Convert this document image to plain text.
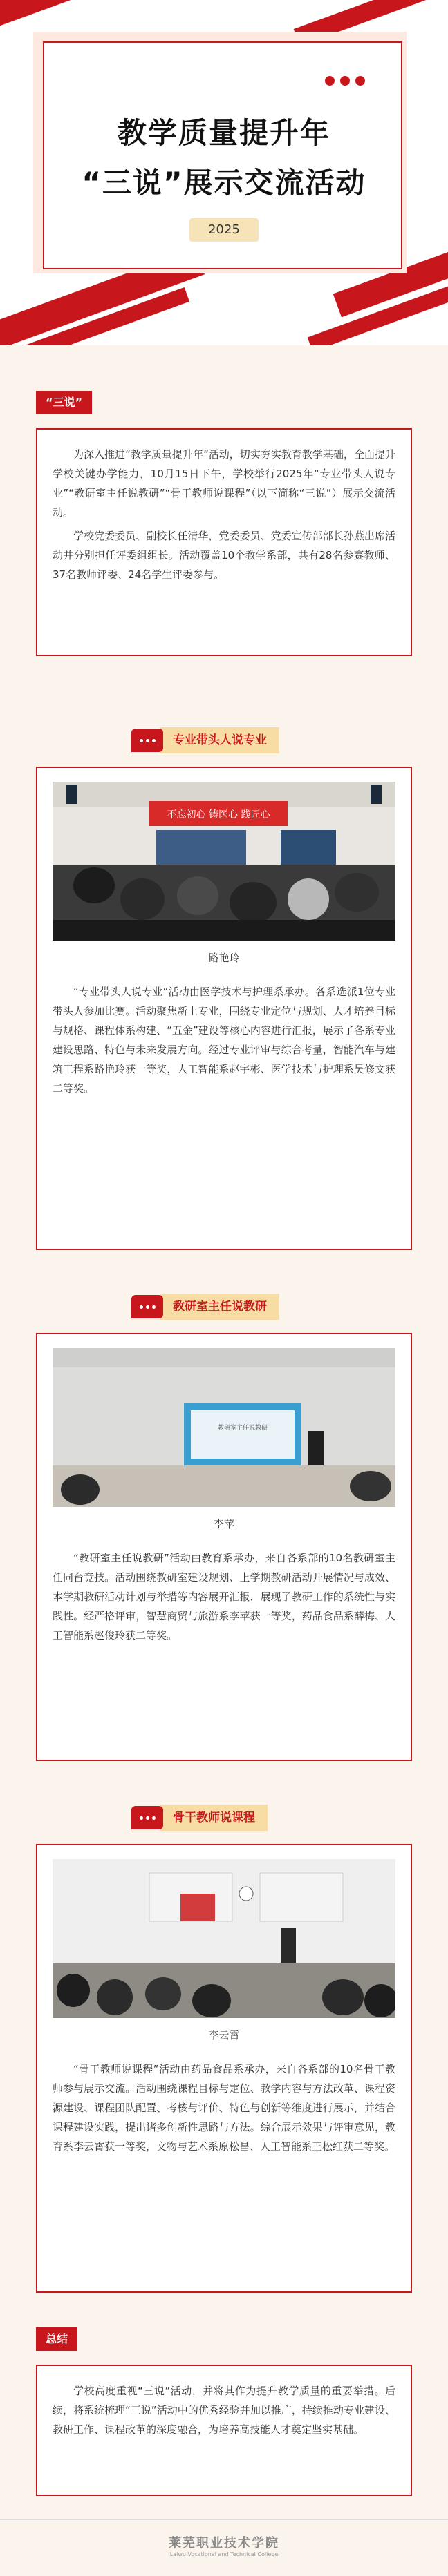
教学质量提升年
“三说”展示交流活动
2025
“三说”

为深入推进“教学质量提升年”活动，切实夯实教育教学基础，全面提升学校关键办学能力，10月15日下午，学校举行2025年“专业带头人说专业”“教研室主任说教研”“骨干教师说课程”（以下简称“三说”）展示交流活动。

学校党委委员、副校长任清华，党委委员、党委宣传部部长孙燕出席活动并分别担任评委组组长。活动覆盖10个教学系部，共有28名参赛教师、37名教师评委、24名学生评委参与。

专业带头人说专业
不忘初心 铸医心 践匠心
路艳玲

“专业带头人说专业”活动由医学技术与护理系承办。各系选派1位专业带头人参加比赛。活动聚焦新上专业，围绕专业定位与规划、人才培养目标与规格、课程体系构建、“五金”建设等核心内容进行汇报，展示了各系专业建设思路、特色与未来发展方向。经过专业评审与综合考量，智能汽车与建筑工程系路艳玲获一等奖，人工智能系赵宇彬、医学技术与护理系吴修文获二等奖。

教研室主任说教研
教研室主任说教研
李苹

“教研室主任说教研”活动由教育系承办，来自各系部的10名教研室主任同台竞技。活动围绕教研室建设规划、上学期教研活动开展情况与成效、本学期教研活动计划与举措等内容展开汇报，展现了教研工作的系统性与实践性。经严格评审，智慧商贸与旅游系李苹获一等奖，药品食品系薛梅、人工智能系赵俊玲获二等奖。

骨干教师说课程
李云霄

“骨干教师说课程”活动由药品食品系承办，来自各系部的10名骨干教师参与展示交流。活动围绕课程目标与定位、教学内容与方法改革、课程资源建设、课程团队配置、考核与评价、特色与创新等维度进行展示，并结合课程建设实践，提出诸多创新性思路与方法。综合展示效果与评审意见，教育系李云霄获一等奖，文物与艺术系原松昌、人工智能系王松红获二等奖。

总结

学校高度重视“三说”活动，并将其作为提升教学质量的重要举措。后续，将系统梳理“三说”活动中的优秀经验并加以推广，持续推动专业建设、教研工作、课程改革的深度融合，为培养高技能人才奠定坚实基础。

莱芜职业技术学院
Laiwu Vocational and Technical College
